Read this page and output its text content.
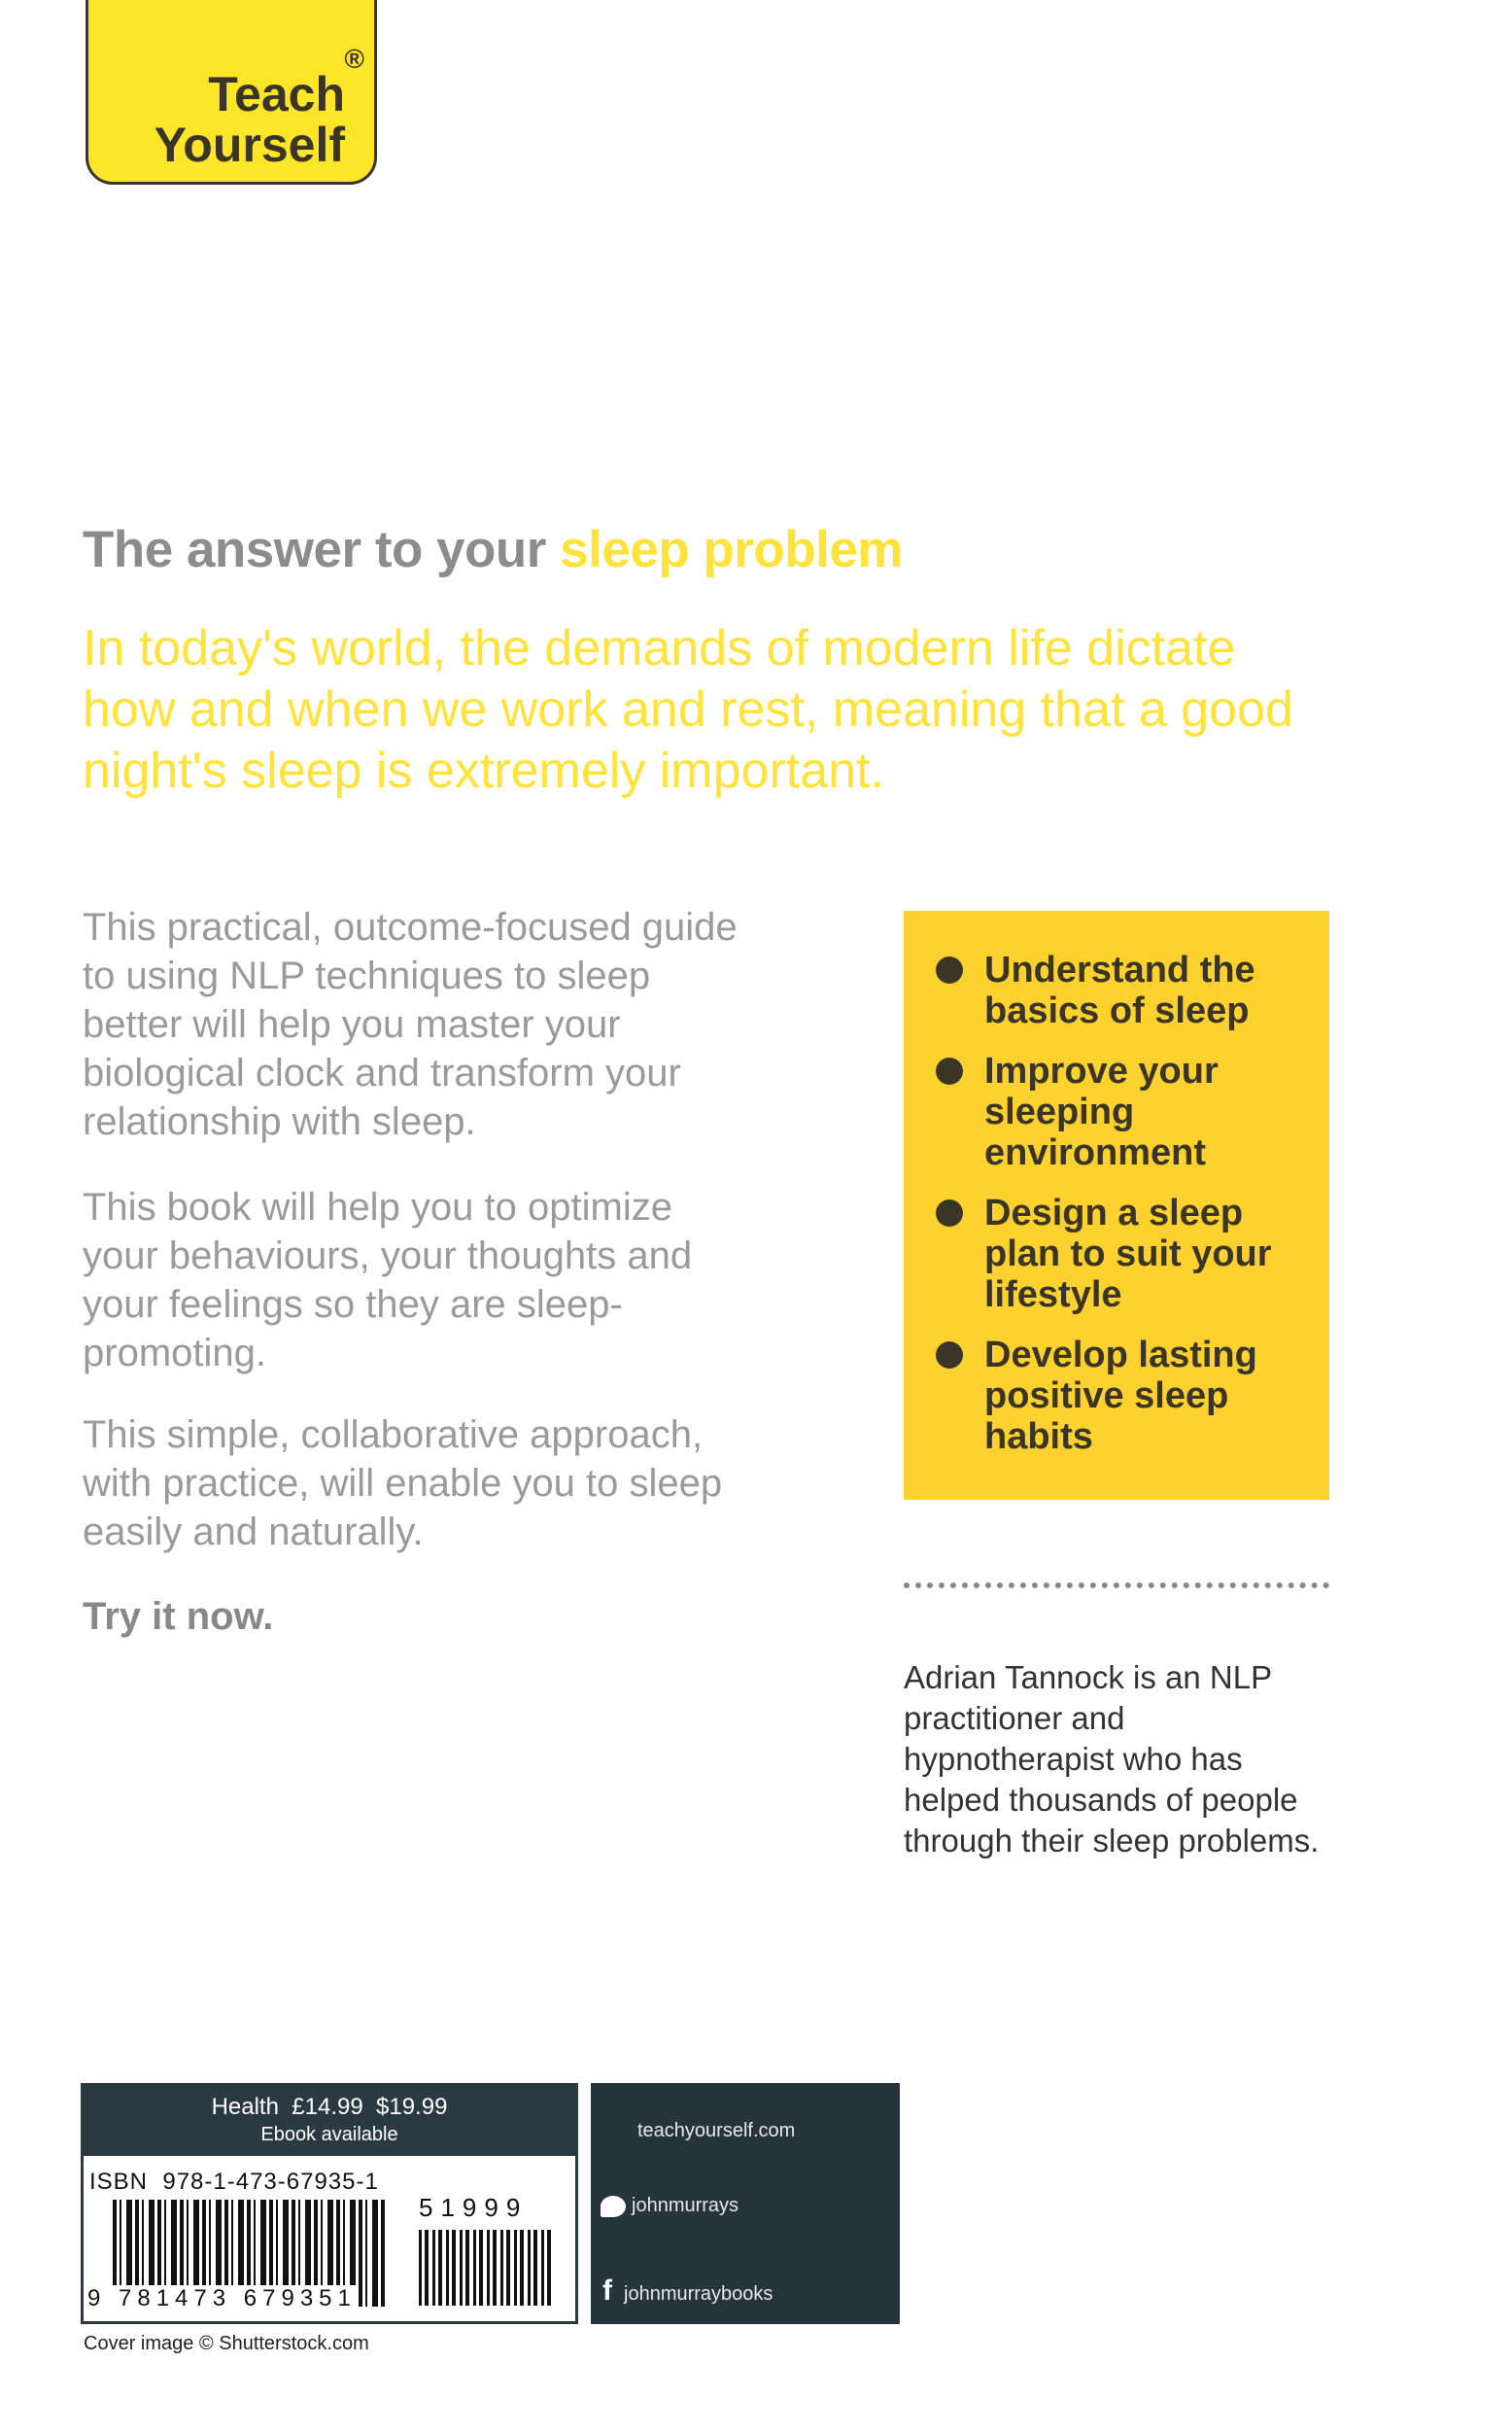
®
Teach
Yourself
The answer to your sleep problem
In today's world, the demands of modern life dictate how and when we work and rest, meaning that a good night's sleep is extremely important.
This practical, outcome-focused guide to using NLP techniques to sleep better will help you master your biological clock and transform your relationship with sleep.
This book will help you to optimize your behaviours, your thoughts and your feelings so they are sleep-promoting.
This simple, collaborative approach, with practice, will enable you to sleep easily and naturally.
Try it now.
Understand the basics of sleep
Improve your sleeping environment
Design a sleep plan to suit your lifestyle
Develop lasting positive sleep habits
Adrian Tannock is an NLP practitioner and hypnotherapist who has helped thousands of people through their sleep problems.
Health  £14.99  $19.99
Ebook available
ISBN  978-1-473-67935-1
9 781473 679351
51999
teachyourself.com
johnmurrays
fjohnmurraybooks
Cover image © Shutterstock.com
